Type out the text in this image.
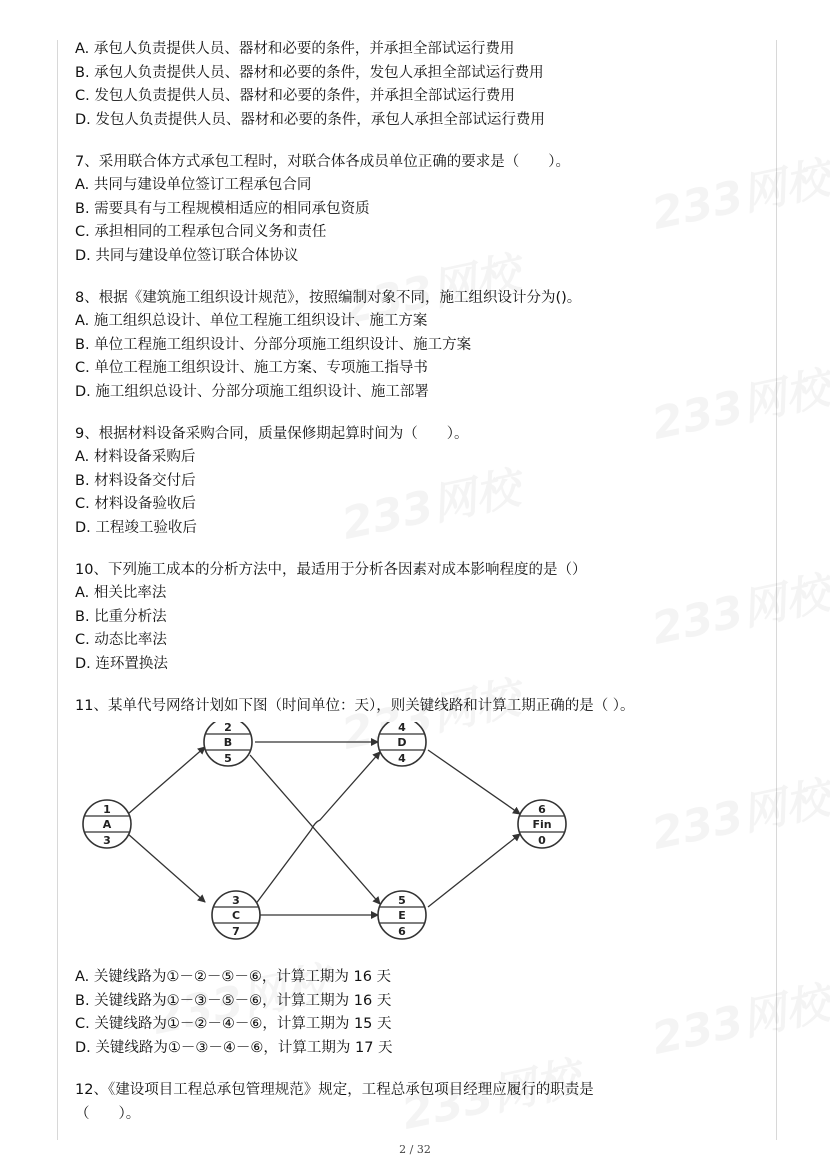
A. 承包人负责提供人员、器材和必要的条件，并承担全部试运行费用
B. 承包人负责提供人员、器材和必要的条件，发包人承担全部试运行费用
C. 发包人负责提供人员、器材和必要的条件，并承担全部试运行费用
D. 发包人负责提供人员、器材和必要的条件，承包人承担全部试运行费用
7、采用联合体方式承包工程时，对联合体各成员单位正确的要求是（　　）。
A. 共同与建设单位签订工程承包合同
B. 需要具有与工程规模相适应的相同承包资质
C. 承担相同的工程承包合同义务和责任
D. 共同与建设单位签订联合体协议
8、根据《建筑施工组织设计规范》，按照编制对象不同，施工组织设计分为()。
A. 施工组织总设计、单位工程施工组织设计、施工方案
B. 单位工程施工组织设计、分部分项施工组织设计、施工方案
C. 单位工程施工组织设计、施工方案、专项施工指导书
D. 施工组织总设计、分部分项施工组织设计、施工部署
9、根据材料设备采购合同，质量保修期起算时间为（　　）。
A. 材料设备采购后
B. 材料设备交付后
C. 材料设备验收后
D. 工程竣工验收后
10、下列施工成本的分析方法中，最适用于分析各因素对成本影响程度的是（）
A. 相关比率法
B. 比重分析法
C. 动态比率法
D. 连环置换法
11、某单代号网络计划如下图（时间单位：天），则关键线路和计算工期正确的是（ ）。
1
A
3
2
B
5
3
C
7
4
D
4
5
E
6
6
Fin
0
A. 关键线路为①－②－⑤－⑥，计算工期为 16 天
B. 关键线路为①－③－⑤－⑥，计算工期为 16 天
C. 关键线路为①－②－④－⑥，计算工期为 15 天
D. 关键线路为①－③－④－⑥，计算工期为 17 天
12、《建设项目工程总承包管理规范》规定，工程总承包项目经理应履行的职责是
（　　）。
2 / 32
